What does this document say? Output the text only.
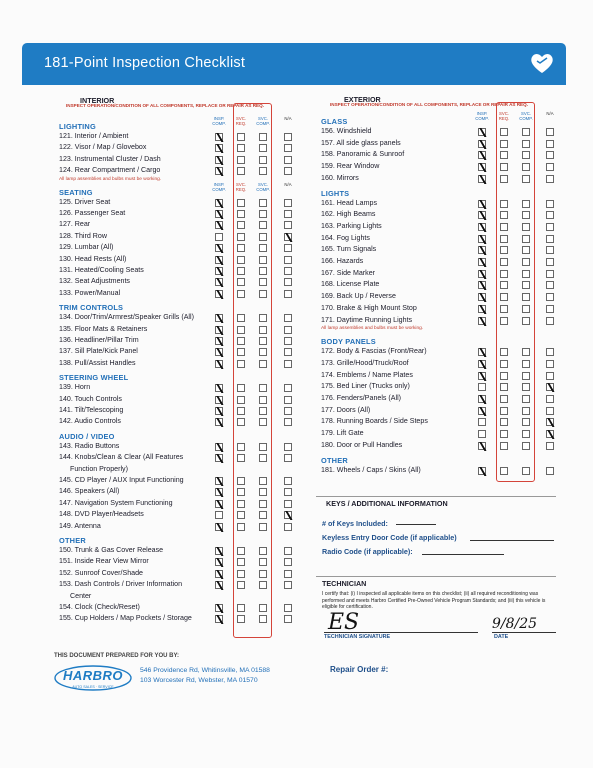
181-Point Inspection Checklist
INTERIOR
INSPECT OPERATION/CONDITION OF ALL COMPONENTS, REPLACE OR REPAIR AS REQ.
LIGHTING
INSP. COMP.
SVC. REQ.
SVC. COMP.
N/A
121. Interior / Ambient
122. Visor / Map / Glovebox
123. Instrumental Cluster / Dash
124. Rear Compartment / Cargo
All lamp assemblies and bulbs must be working.
SEATING
INSP. COMP.
SVC. REQ.
SVC. COMP.
N/A
125. Driver Seat
126. Passenger Seat
127. Rear
128. Third Row
129. Lumbar (All)
130. Head Rests (All)
131. Heated/Cooling Seats
132. Seat Adjustments
133. Power/Manual
TRIM CONTROLS
134. Door/Trim/Armrest/Speaker Grills (All)
135. Floor Mats & Retainers
136. Headliner/Pillar Trim
137. Sill Plate/Kick Panel
138. Pull/Assist Handles
STEERING WHEEL
139. Horn
140. Touch Controls
141. Tilt/Telescoping
142. Audio Controls
AUDIO / VIDEO
143. Radio Buttons
144. Knobs/Clean & Clear (All Features
Function Properly)
145. CD Player / AUX Input Functioning
146. Speakers (All)
147. Navigation System Functioning
148. DVD Player/Headsets
149. Antenna
OTHER
150. Trunk & Gas Cover Release
151. Inside Rear View Mirror
152. Sunroof Cover/Shade
153. Dash Controls / Driver Information
Center
154. Clock (Check/Reset)
155. Cup Holders / Map Pockets / Storage
EXTERIOR
INSPECT OPERATION/CONDITION OF ALL COMPONENTS, REPLACE OR REPAIR AS REQ.
GLASS
INSP. COMP.
SVC. REQ.
SVC. COMP.
N/A
156. Windshield
157. All side glass panels
158. Panoramic & Sunroof
159. Rear Window
160. Mirrors
LIGHTS
161. Head Lamps
162. High Beams
163. Parking Lights
164. Fog Lights
165. Turn Signals
166. Hazards
167. Side Marker
168. License Plate
169. Back Up / Reverse
170. Brake & High Mount Stop
171. Daytime Running Lights
All lamp assemblies and bulbs must be working.
BODY PANELS
172. Body & Fascias (Front/Rear)
173. Grille/Hood/Truck/Roof
174. Emblems / Name Plates
175. Bed Liner (Trucks only)
176. Fenders/Panels (All)
177. Doors (All)
178. Running Boards / Side Steps
179. Lift Gate
180. Door or Pull Handles
OTHER
181. Wheels / Caps / Skins (All)
KEYS / ADDITIONAL INFORMATION
# of Keys Included:
Keyless Entry Door Code (if applicable)
Radio Code (if applicable):
TECHNICIAN
I certify that: (i) I inspected all applicable items on this checklist; (ii) all required reconditioning was performed and meets Harbro Certified Pre-Owned Vehicle Program Standards; and (iii) this vehicle is eligible for certification.
ES	9/8/25
TECHNICIAN SIGNATURE	DATE
THIS DOCUMENT PREPARED FOR YOU BY:
HARBRO
AUTO SALES · SERVICE
546 Providence Rd, Whitinsville, MA 01588
103 Worcester Rd, Webster, MA 01570
Repair Order #:
